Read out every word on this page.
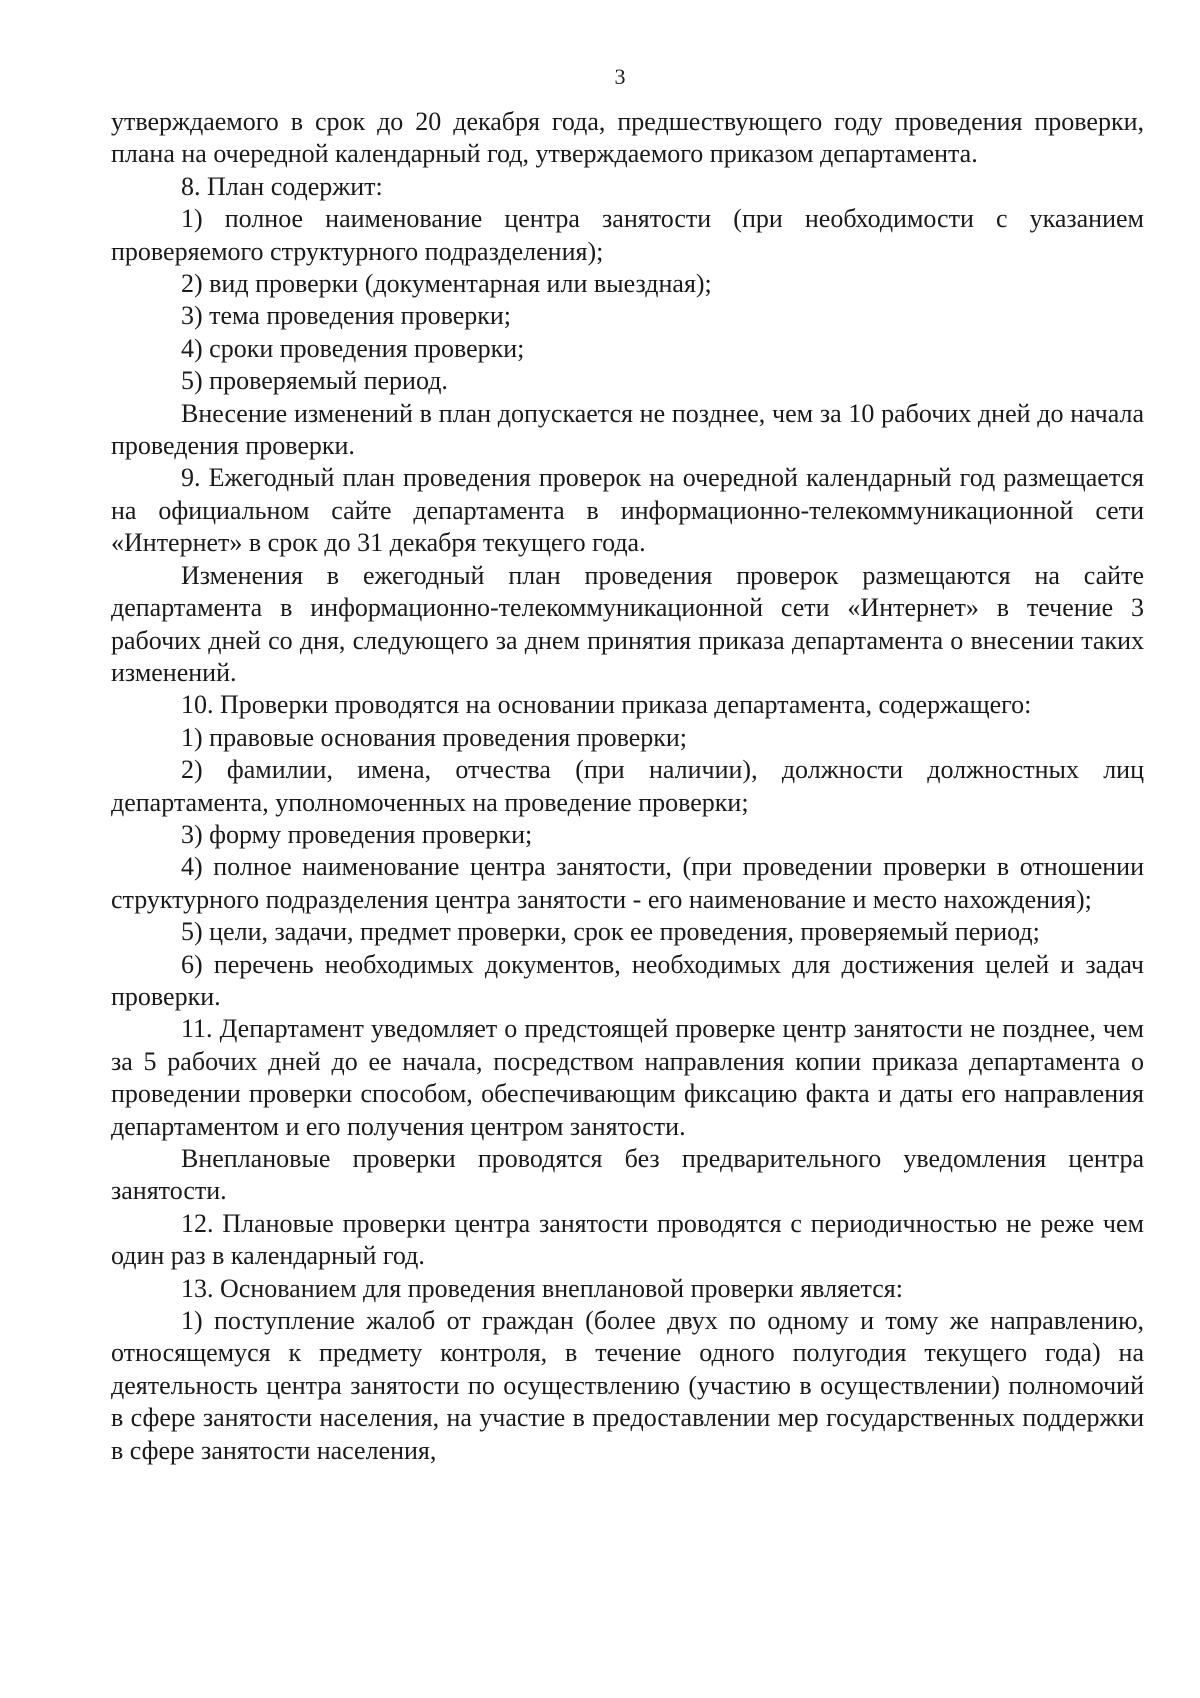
3

утверждаемого в срок до 20 декабря года, предшествующего году проведения проверки, плана на очередной календарный год, утверждаемого приказом департамента.

8. План содержит:

1) полное наименование центра занятости (при необходимости с указанием проверяемого структурного подразделения);

2) вид проверки (документарная или выездная);

3) тема проведения проверки;

4) сроки проведения проверки;

5) проверяемый период.

Внесение изменений в план допускается не позднее, чем за 10 рабочих дней до начала проведения проверки.

9. Ежегодный план проведения проверок на очередной календарный год размещается на официальном сайте департамента в информационно-телекоммуникационной сети «Интернет» в срок до 31 декабря текущего года.

Изменения в ежегодный план проведения проверок размещаются на сайте департамента в информационно-телекоммуникационной сети «Интернет» в течение 3 рабочих дней со дня, следующего за днем принятия приказа департамента о внесении таких изменений.

10. Проверки проводятся на основании приказа департамента, содержащего:

1) правовые основания проведения проверки;

2) фамилии, имена, отчества (при наличии), должности должностных лиц департамента, уполномоченных на проведение проверки;

3) форму проведения проверки;

4) полное наименование центра занятости, (при проведении проверки в отношении структурного подразделения центра занятости - его наименование и место нахождения);

5) цели, задачи, предмет проверки, срок ее проведения, проверяемый период;

6) перечень необходимых документов, необходимых для достижения целей и задач проверки.

11. Департамент уведомляет о предстоящей проверке центр занятости не позднее, чем за 5 рабочих дней до ее начала, посредством направления копии приказа департамента о проведении проверки способом, обеспечивающим фиксацию факта и даты его направления департаментом и его получения центром занятости.

Внеплановые проверки проводятся без предварительного уведомления центра занятости.

12. Плановые проверки центра занятости проводятся с периодичностью не реже чем один раз в календарный год.

13. Основанием для проведения внеплановой проверки является:

1) поступление жалоб от граждан (более двух по одному и тому же направлению, относящемуся к предмету контроля, в течение одного полугодия текущего года) на деятельность центра занятости по осуществлению (участию в осуществлении) полномочий в сфере занятости населения, на участие в предоставлении мер государственных поддержки в сфере занятости населения,
